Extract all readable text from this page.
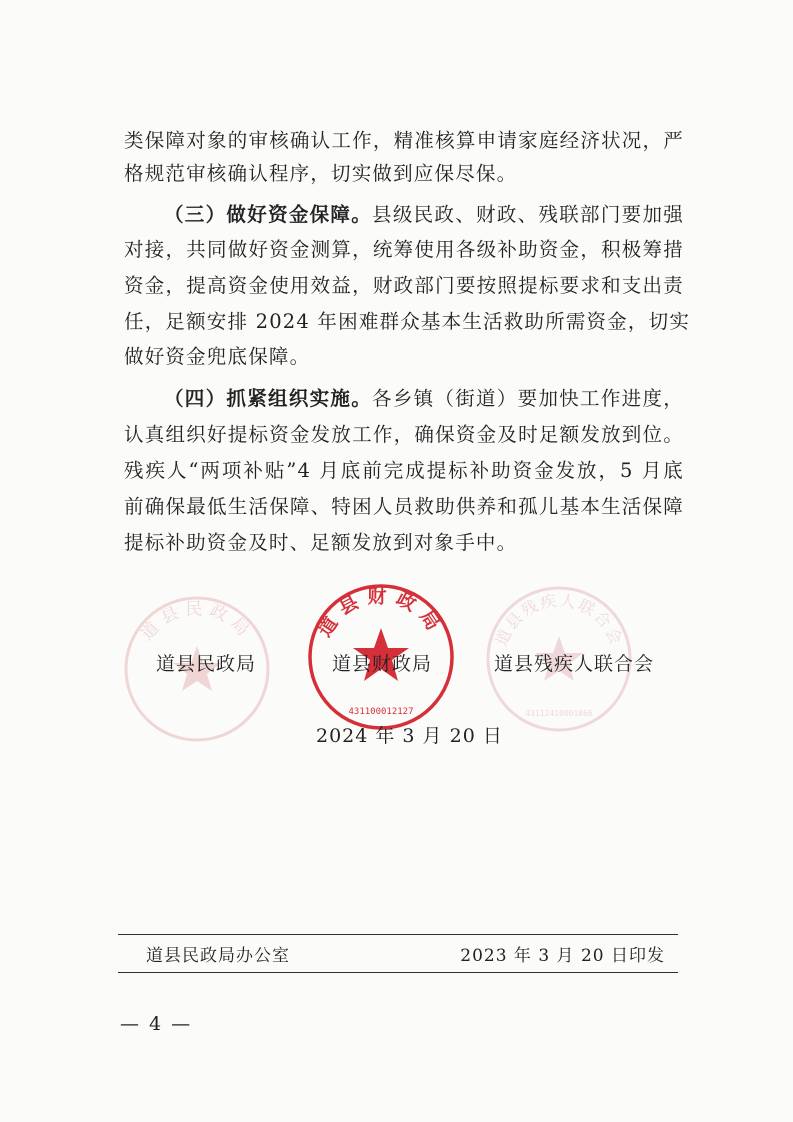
类保障对象的审核确认工作，精准核算申请家庭经济状况，严
格规范审核确认程序，切实做到应保尽保。
（三）做好资金保障。县级民政、财政、残联部门要加强
对接，共同做好资金测算，统筹使用各级补助资金，积极筹措
资金，提高资金使用效益，财政部门要按照提标要求和支出责
任，足额安排 2024 年困难群众基本生活救助所需资金，切实
做好资金兜底保障。
（四）抓紧组织实施。各乡镇（街道）要加快工作进度，
认真组织好提标资金发放工作，确保资金及时足额发放到位。
残疾人“两项补贴”4 月底前完成提标补助资金发放，5 月底
前确保最低生活保障、特困人员救助供养和孤儿基本生活保障
提标补助资金及时、足额发放到对象手中。
道县民政局	道县财政局
431100012127
道县残疾人联合会
43112410001866
道县民政局	道县财政局	道县残疾人联合会
2024 年 3 月 20 日
道县民政局办公室	2023 年 3 月 20 日印发
— 4 —
